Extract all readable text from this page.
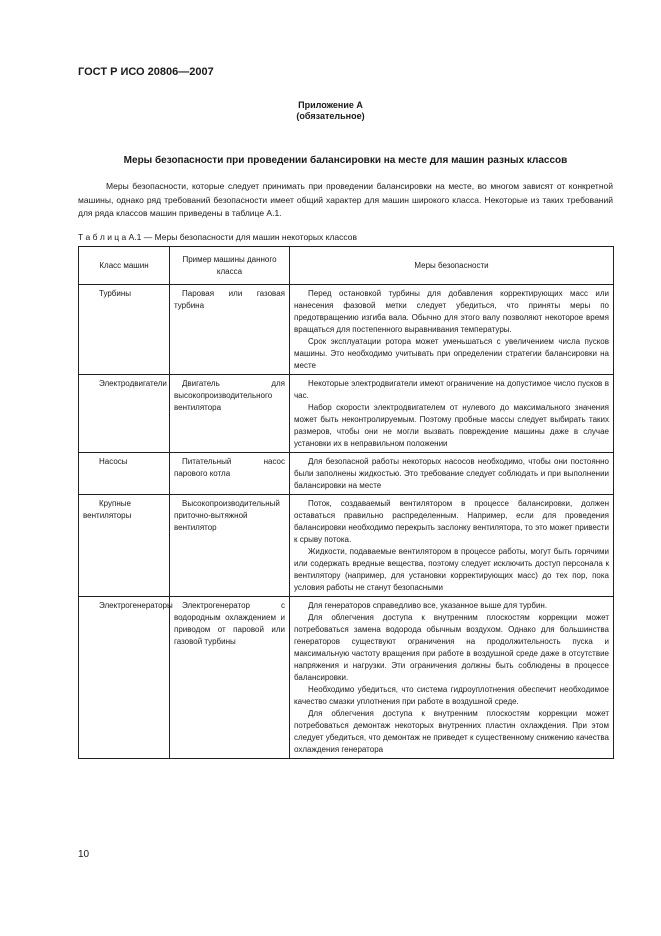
ГОСТ Р ИСО 20806—2007
Приложение А
(обязательное)
Меры безопасности при проведении балансировки на месте для машин разных классов

Меры безопасности, которые следует принимать при проведении балансировки на месте, во многом зависят от конкретной машины, однако ряд требований безопасности имеет общий характер для машин широкого класса. Некоторые из таких требований для ряда классов машин приведены в таблице А.1.

Т а б л и ц а А.1 — Меры безопасности для машин некоторых классов
Класс машин	Пример машины данного класса	Меры безопасности
Турбины	Паровая или газовая турбина	Перед остановкой турбины для добавления корректирующих масс или нанесения фазовой метки следует убедиться, что приняты меры по предотвращению изгиба вала. Обычно для этого валу позволяют некоторое время вращаться для постепенного выравнивания температуры.

Срок эксплуатации ротора может уменьшаться с увеличением числа пусков машины. Это необходимо учитывать при определении стратегии балансировки на месте

Электродвигатели	Двигатель для высокопроизводительного вентилятора	Некоторые электродвигатели имеют ограничение на допустимое число пусков в час.

Набор скорости электродвигателем от нулевого до максимального значения может быть неконтролируемым. Поэтому пробные массы следует выбирать таких размеров, чтобы они не могли вызвать повреждение машины даже в случае установки их в неправильном положении

Насосы	Питательный насос парового котла	Для безопасной работы некоторых насосов необходимо, чтобы они постоянно были заполнены жидкостью. Это требование следует соблюдать и при выполнении балансировки на месте

Крупные вентиляторы	Высокопроизводительный приточно-вытяжной вентилятор	Поток, создаваемый вентилятором в процессе балансировки, должен оставаться правильно распределенным. Например, если для проведения балансировки необходимо перекрыть заслонку вентилятора, то это может привести к срыву потока.

Жидкости, подаваемые вентилятором в процессе работы, могут быть горячими или содержать вредные вещества, поэтому следует исключить доступ персонала к вентилятору (например, для установки корректирующих масс) до тех пор, пока условия работы не станут безопасными

Электрогенераторы	Электрогенератор с водородным охлаждением и приводом от паровой или газовой турбины	Для генераторов справедливо все, указанное выше для турбин.

Для облегчения доступа к внутренним плоскостям коррекции может потребоваться замена водорода обычным воздухом. Однако для большинства генераторов существуют ограничения на продолжительность пуска и максимальную частоту вращения при работе в воздушной среде даже в отсутствие напряжения и нагрузки. Эти ограничения должны быть соблюдены в процессе балансировки.

Необходимо убедиться, что система гидроуплотнения обеспечит необходимое качество смазки уплотнения при работе в воздушной среде.

Для облегчения доступа к внутренним плоскостям коррекции может потребоваться демонтаж некоторых внутренних пластин охлаждения. При этом следует убедиться, что демонтаж не приведет к существенному снижению качества охлаждения генератора

10
